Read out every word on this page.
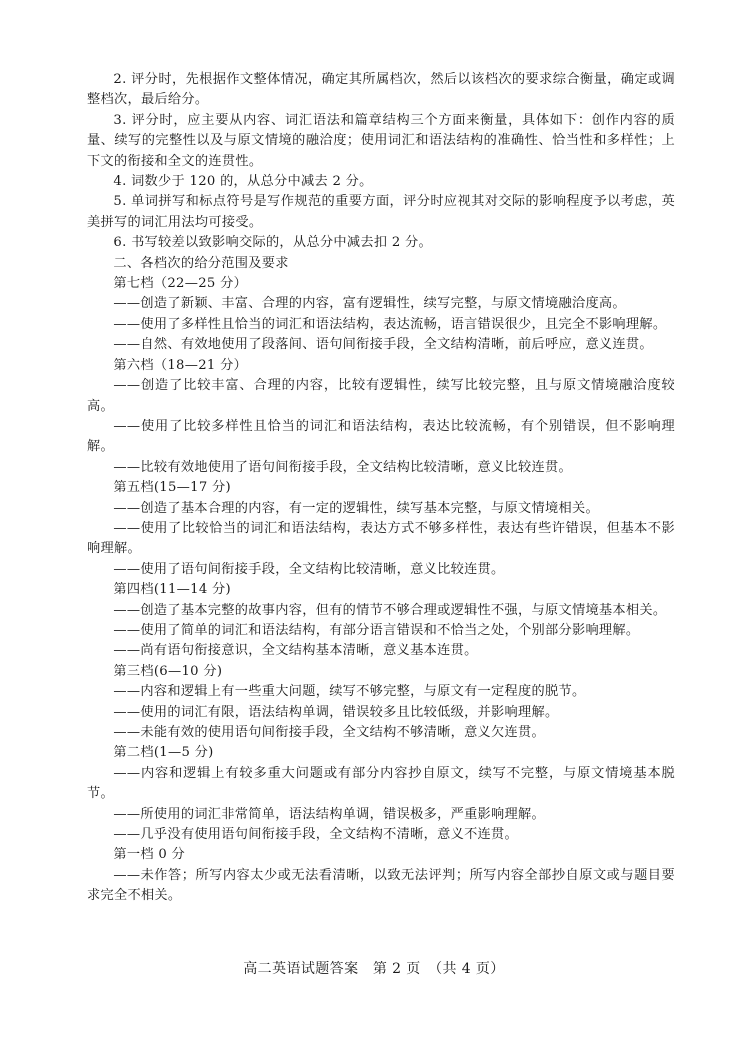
2. 评分时，先根据作文整体情况，确定其所属档次，然后以该档次的要求综合衡量，确定或调整档次，最后给分。

3. 评分时，应主要从内容、词汇语法和篇章结构三个方面来衡量，具体如下：创作内容的质量、续写的完整性以及与原文情境的融洽度；使用词汇和语法结构的准确性、恰当性和多样性；上下文的衔接和全文的连贯性。

4. 词数少于 120 的，从总分中减去 2 分。

5. 单词拼写和标点符号是写作规范的重要方面，评分时应视其对交际的影响程度予以考虑，英美拼写的词汇用法均可接受。

6. 书写较差以致影响交际的，从总分中减去扣 2 分。

二、各档次的给分范围及要求

第七档（22—25 分）

——创造了新颖、丰富、合理的内容，富有逻辑性，续写完整，与原文情境融洽度高。

——使用了多样性且恰当的词汇和语法结构，表达流畅，语言错误很少，且完全不影响理解。

——自然、有效地使用了段落间、语句间衔接手段，全文结构清晰，前后呼应，意义连贯。

第六档（18—21 分）

——创造了比较丰富、合理的内容，比较有逻辑性，续写比较完整，且与原文情境融洽度较高。

——使用了比较多样性且恰当的词汇和语法结构，表达比较流畅，有个别错误，但不影响理解。

——比较有效地使用了语句间衔接手段，全文结构比较清晰，意义比较连贯。

第五档(15—17 分)

——创造了基本合理的内容，有一定的逻辑性，续写基本完整，与原文情境相关。

——使用了比较恰当的词汇和语法结构，表达方式不够多样性，表达有些许错误，但基本不影响理解。

——使用了语句间衔接手段，全文结构比较清晰，意义比较连贯。

第四档(11—14 分)

——创造了基本完整的故事内容，但有的情节不够合理或逻辑性不强，与原文情境基本相关。

——使用了简单的词汇和语法结构，有部分语言错误和不恰当之处，个别部分影响理解。

——尚有语句衔接意识，全文结构基本清晰，意义基本连贯。

第三档(6—10 分)

——内容和逻辑上有一些重大问题，续写不够完整，与原文有一定程度的脱节。

——使用的词汇有限，语法结构单调，错误较多且比较低级，并影响理解。

——未能有效的使用语句间衔接手段，全文结构不够清晰，意义欠连贯。

第二档(1—5 分)

——内容和逻辑上有较多重大问题或有部分内容抄自原文，续写不完整，与原文情境基本脱节。

——所使用的词汇非常简单，语法结构单调，错误极多，严重影响理解。

——几乎没有使用语句间衔接手段，全文结构不清晰，意义不连贯。

第一档 0 分

——未作答；所写内容太少或无法看清晰，以致无法评判；所写内容全部抄自原文或与题目要求完全不相关。

高二英语试题答案　第 2 页　（共 4 页）
